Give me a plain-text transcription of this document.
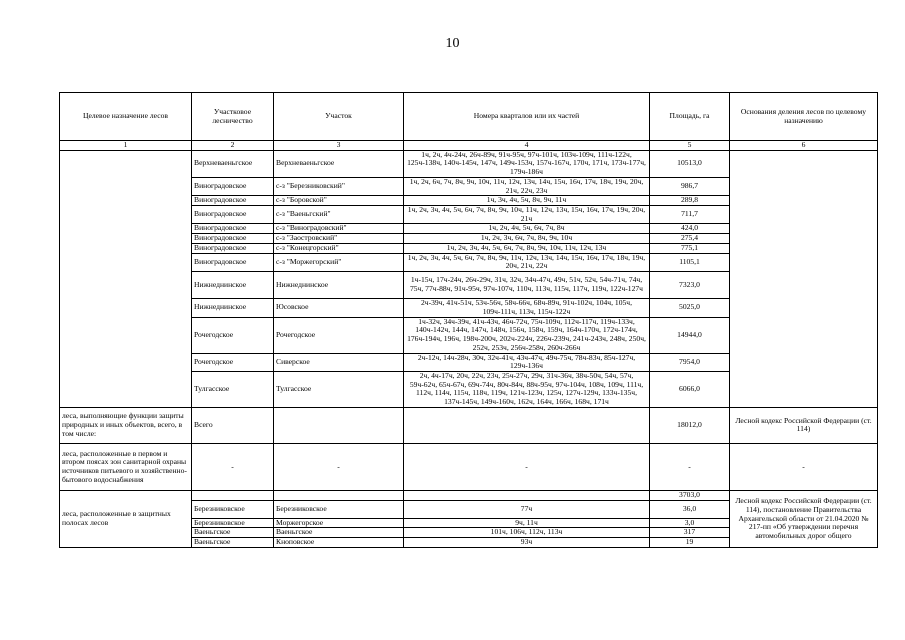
10
Целевое назначение лесов	Участковое лесничество	Участок	Номера кварталов или их частей	Площадь, га	Основания деления лесов по целевому назначению
1	2	3	4	5	6
	Верхневаеньгское	Верхневаеньгское	1ч, 2ч, 4ч-24ч, 26ч-89ч, 91ч-95ч, 97ч-101ч, 103ч-109ч, 111ч-122ч, 125ч-138ч, 140ч-145ч, 147ч, 149ч-153ч, 157ч-167ч, 170ч, 171ч, 173ч-177ч, 179ч-186ч	10513,0	
	Виноградовское	с-з "Березниковский"	1ч, 2ч, 6ч, 7ч, 8ч, 9ч, 10ч, 11ч, 12ч, 13ч, 14ч, 15ч, 16ч, 17ч, 18ч, 19ч, 20ч, 21ч, 22ч, 23ч	986,7	
	Виноградовское	с-з "Боровской"	1ч, 3ч, 4ч, 5ч, 8ч, 9ч, 11ч	289,8	
	Виноградовское	с-з "Ваеньгский"	1ч, 2ч, 3ч, 4ч, 5ч, 6ч, 7ч, 8ч, 9ч, 10ч, 11ч, 12ч, 13ч, 15ч, 16ч, 17ч, 19ч, 20ч, 21ч	711,7	
	Виноградовское	с-з "Виноградовский"	1ч, 2ч, 4ч, 5ч, 6ч, 7ч, 8ч	424,0	
	Виноградовское	с-з "Заостровский"	1ч, 2ч, 3ч, 6ч, 7ч, 8ч, 9ч, 10ч	275,4	
	Виноградовское	с-з "Конецгорский"	1ч, 2ч, 3ч, 4ч, 5ч, 6ч, 7ч, 8ч, 9ч, 10ч, 11ч, 12ч, 13ч	775,1	
	Виноградовское	с-з "Моржегорский"	1ч, 2ч, 3ч, 4ч, 5ч, 6ч, 7ч, 8ч, 9ч, 11ч, 12ч, 13ч, 14ч, 15ч, 16ч, 17ч, 18ч, 19ч, 20ч, 21ч, 22ч	1105,1	
	Нижнеднинское	Нижнеднинское	1ч-15ч, 17ч-24ч, 26ч-29ч, 31ч, 32ч, 34ч-47ч, 49ч, 51ч, 52ч, 54ч-71ч, 74ч, 75ч, 77ч-88ч, 91ч-95ч, 97ч-107ч, 110ч, 113ч, 115ч, 117ч, 119ч, 122ч-127ч	7323,0	
	Нижнеднинское	Юсовское	2ч-39ч, 41ч-51ч, 53ч-56ч, 58ч-66ч, 68ч-89ч, 91ч-102ч, 104ч, 105ч, 109ч-111ч, 113ч, 115ч-122ч	5025,0	
	Рочегодское	Рочегодское	1ч-32ч, 34ч-39ч, 41ч-43ч, 46ч-72ч, 75ч-109ч, 112ч-117ч, 119ч-133ч, 140ч-142ч, 144ч, 147ч, 148ч, 156ч, 158ч, 159ч, 164ч-170ч, 172ч-174ч, 176ч-194ч, 196ч, 198ч-200ч, 202ч-224ч, 226ч-239ч, 241ч-243ч, 248ч, 250ч, 252ч, 253ч, 256ч-258ч, 260ч-266ч	14944,0	
	Рочегодское	Сиверское	2ч-12ч, 14ч-28ч, 30ч, 32ч-41ч, 43ч-47ч, 49ч-75ч, 78ч-83ч, 85ч-127ч, 129ч-136ч	7954,0	
	Тулгасское	Тулгасское	2ч, 4ч-17ч, 20ч, 22ч, 23ч, 25ч-27ч, 29ч, 31ч-36ч, 38ч-50ч, 54ч, 57ч, 59ч-62ч, 65ч-67ч, 69ч-74ч, 80ч-84ч, 88ч-95ч, 97ч-104ч, 108ч, 109ч, 111ч, 112ч, 114ч, 115ч, 118ч, 119ч, 121ч-123ч, 125ч, 127ч-129ч, 133ч-135ч, 137ч-145ч, 149ч-160ч, 162ч, 164ч, 166ч, 168ч, 171ч	6066,0	
леса, выполняющие функции защиты природных и иных объектов, всего, в том числе:	Всего			18012,0	Лесной кодекс Российской Федерации (ст. 114)
леса, расположенные в первом и втором поясах зон санитарной охраны источников питьевого и хозяйственно-бытового водоснабжения	-	-	-	-	-
леса, расположенные в защитных полосах лесов				3703,0	Лесной кодекс Российской Федерации (ст. 114), постановление Правительства Архангельской области от 21.04.2020 № 217-пп «Об утверждении перечня автомобильных дорог общего
	Березниковское	Березниковское	77ч	36,0	
	Березниковское	Моржегорское	9ч, 11ч	3,0	
	Ваеньгское	Ваеньгское	101ч, 106ч, 112ч, 113ч	317	
	Ваеньгское	Кноповское	93ч	19	
